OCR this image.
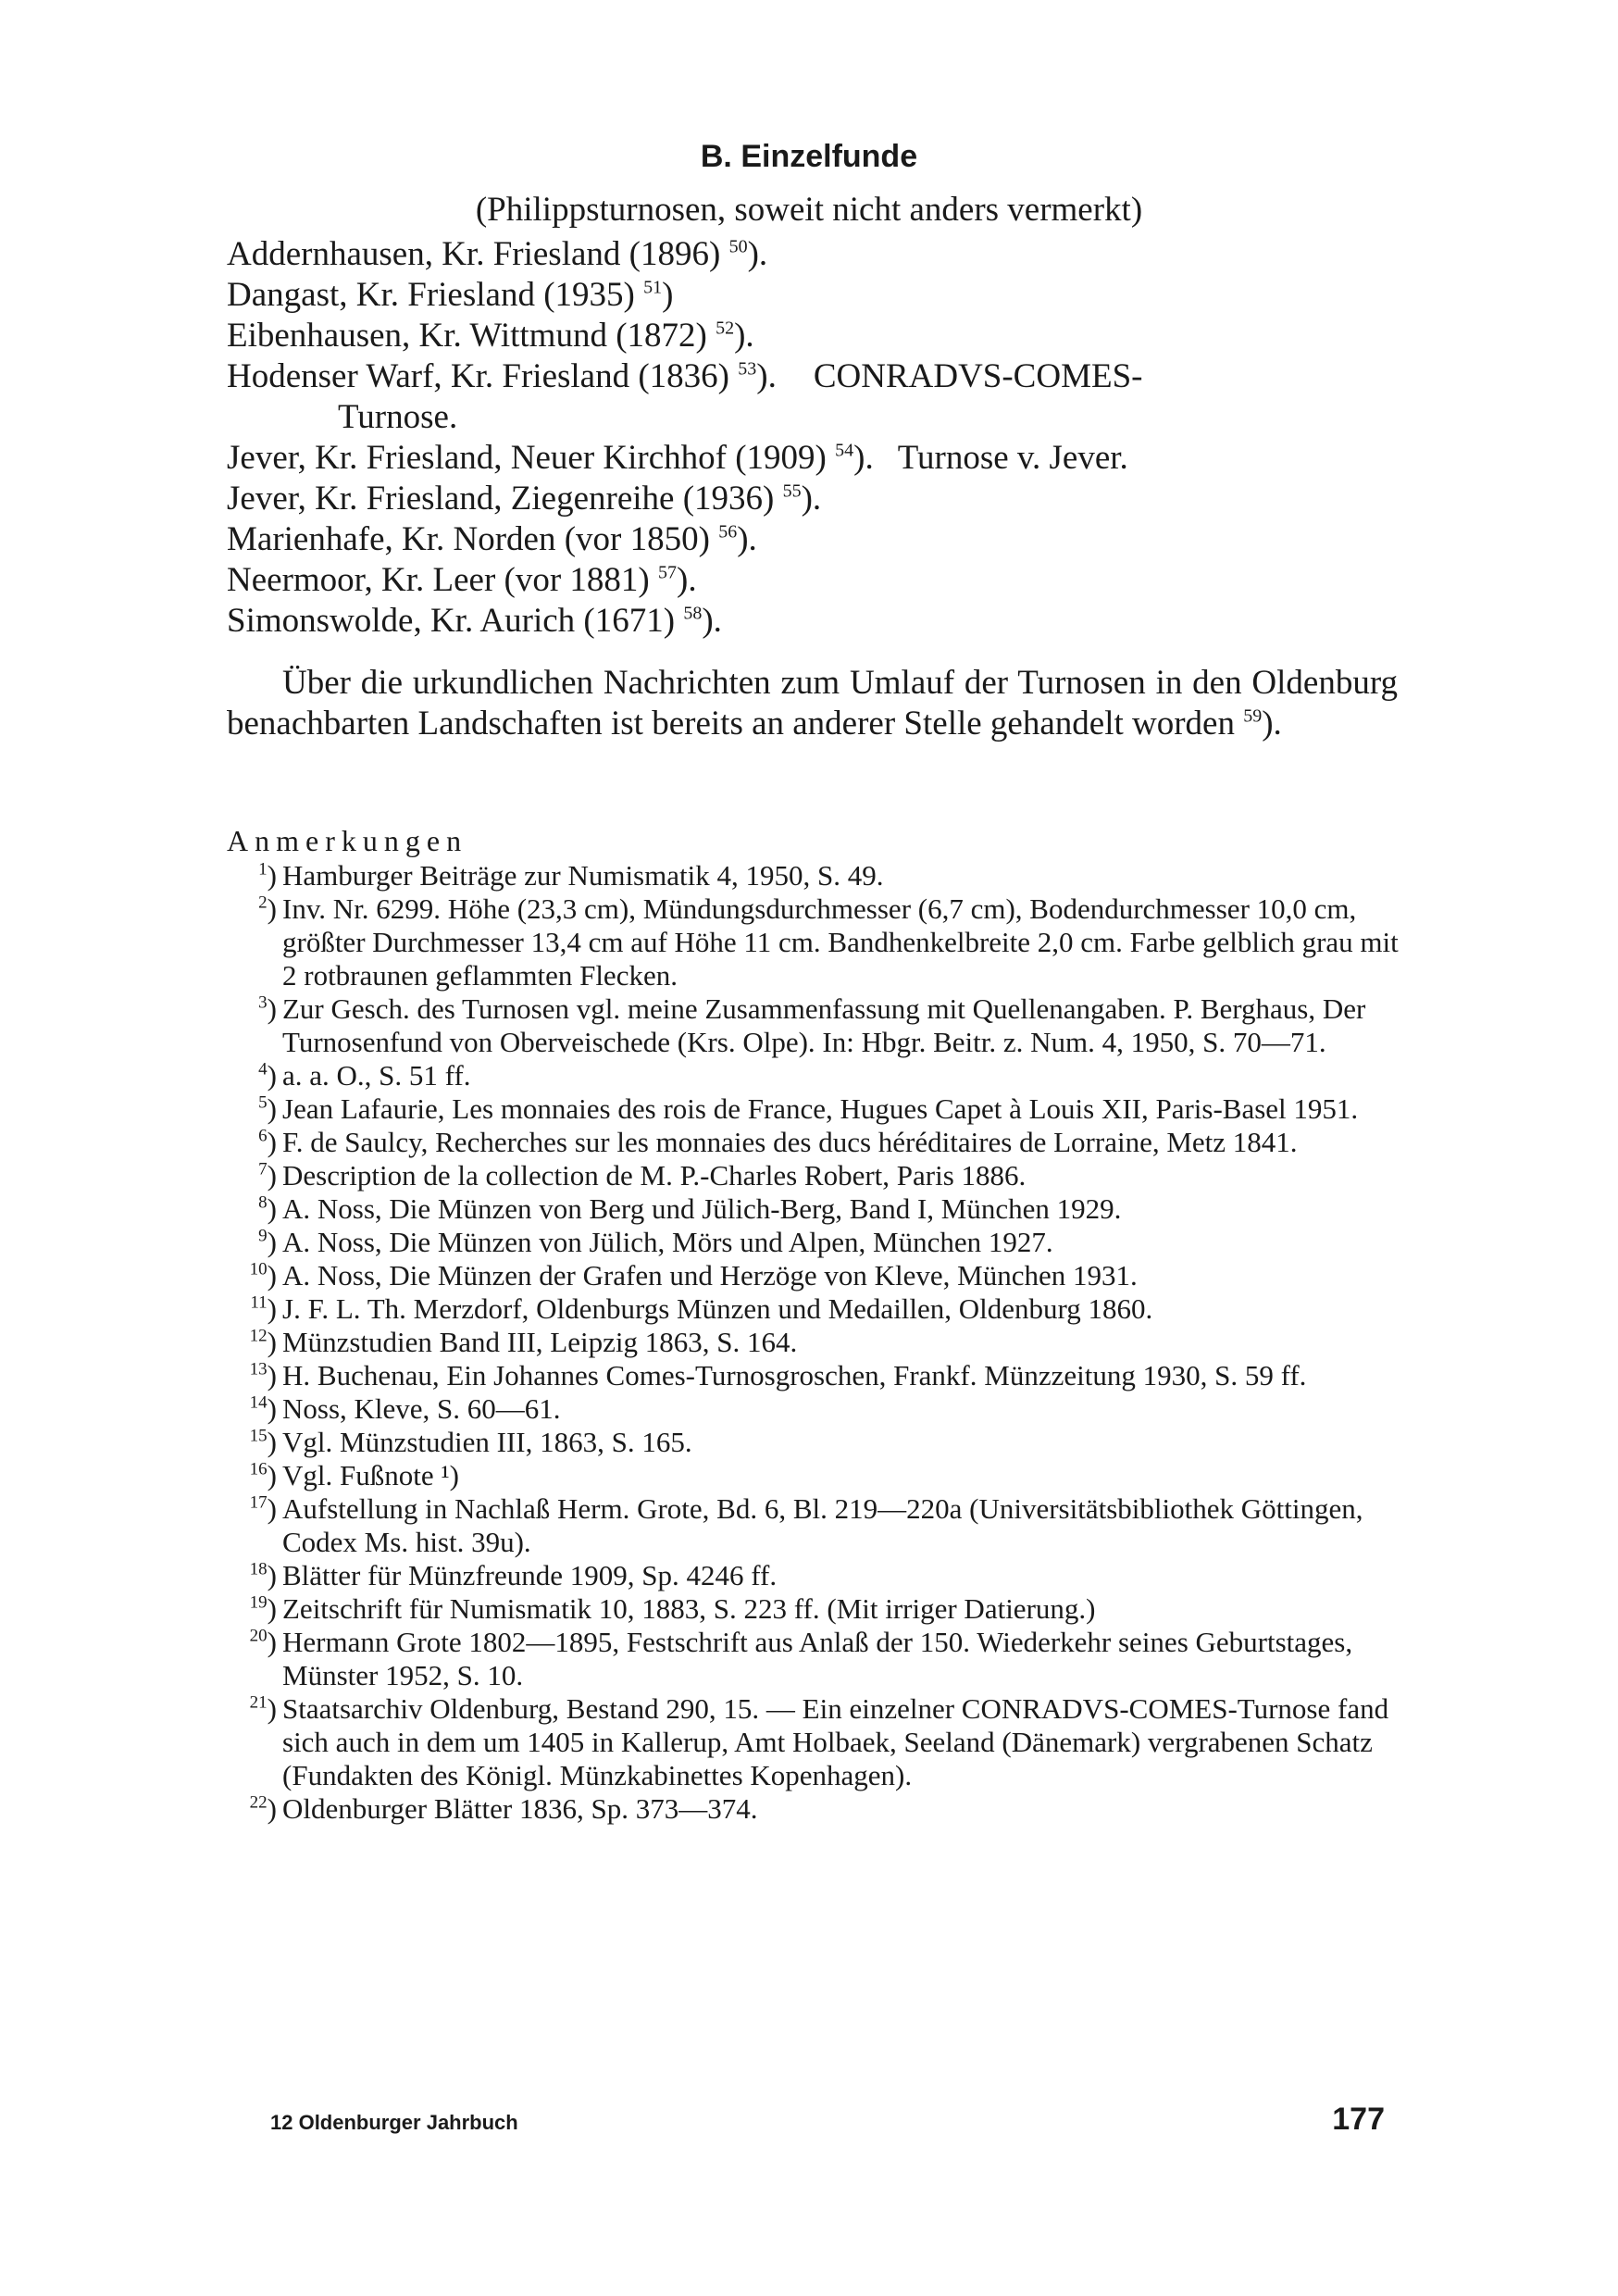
B. Einzelfunde
(Philippsturnosen, soweit nicht anders vermerkt)
Addernhausen, Kr. Friesland (1896) $^{50}$).
Dangast, Kr. Friesland (1935) $^{51}$)
Eibenhausen, Kr. Wittmund (1872) $^{52}$).
Hodenser Warf, Kr. Friesland (1836) $^{53}$). CONRADVS-COMES-
Turnose.
Jever, Kr. Friesland, Neuer Kirchhof (1909) $^{54}$). Turnose v. Jever.
Jever, Kr. Friesland, Ziegenreihe (1936) $^{55}$).
Marienhafe, Kr. Norden (vor 1850) $^{56}$).
Neermoor, Kr. Leer (vor 1881) $^{57}$).
Simonswolde, Kr. Aurich (1671) $^{58}$).
Über die urkundlichen Nachrichten zum Umlauf der Turnosen in den Oldenburg benachbarten Landschaften ist bereits an anderer Stelle gehandelt worden $^{59}$).
Anmerkungen
$^1$) Hamburger Beiträge zur Numismatik 4, 1950, S. 49.
$^2$) Inv. Nr. 6299. Höhe (23,3 cm), Mündungsdurchmesser (6,7 cm), Bodendurchmesser 10,0 cm, größter Durchmesser 13,4 cm auf Höhe 11 cm. Bandhenkelbreite 2,0 cm. Farbe gelblich grau mit 2 rotbraunen geflammten Flecken.
$^3$) Zur Gesch. des Turnosen vgl. meine Zusammenfassung mit Quellenangaben. P. Berghaus, Der Turnosenfund von Oberveischede (Krs. Olpe). In: Hbgr. Beitr. z. Num. 4, 1950, S. 70—71.
$^4$) a. a. O., S. 51 ff.
$^5$) Jean Lafaurie, Les monnaies des rois de France, Hugues Capet à Louis XII, Paris-Basel 1951.
$^6$) F. de Saulcy, Recherches sur les monnaies des ducs héréditaires de Lorraine, Metz 1841.
$^7$) Description de la collection de M. P.-Charles Robert, Paris 1886.
$^8$) A. Noss, Die Münzen von Berg und Jülich-Berg, Band I, München 1929.
$^9$) A. Noss, Die Münzen von Jülich, Mörs und Alpen, München 1927.
$^{10}$) A. Noss, Die Münzen der Grafen und Herzöge von Kleve, München 1931.
$^{11}$) J. F. L. Th. Merzdorf, Oldenburgs Münzen und Medaillen, Oldenburg 1860.
$^{12}$) Münzstudien Band III, Leipzig 1863, S. 164.
$^{13}$) H. Buchenau, Ein Johannes Comes-Turnosgroschen, Frankf. Münzzeitung 1930, S. 59 ff.
$^{14}$) Noss, Kleve, S. 60—61.
$^{15}$) Vgl. Münzstudien III, 1863, S. 165.
$^{16}$) Vgl. Fußnote ¹)
$^{17}$) Aufstellung in Nachlaß Herm. Grote, Bd. 6, Bl. 219—220a (Universitätsbibliothek Göttingen, Codex Ms. hist. 39u).
$^{18}$) Blätter für Münzfreunde 1909, Sp. 4246 ff.
$^{19}$) Zeitschrift für Numismatik 10, 1883, S. 223 ff. (Mit irriger Datierung.)
$^{20}$) Hermann Grote 1802—1895, Festschrift aus Anlaß der 150. Wiederkehr seines Geburtstages, Münster 1952, S. 10.
$^{21}$) Staatsarchiv Oldenburg, Bestand 290, 15. — Ein einzelner CONRADVS-COMES-Turnose fand sich auch in dem um 1405 in Kallerup, Amt Holbaek, Seeland (Dänemark) vergrabenen Schatz (Fundakten des Königl. Münzkabinettes Kopenhagen).
$^{22}$) Oldenburger Blätter 1836, Sp. 373—374.
12 Oldenburger Jahrbuch	177
